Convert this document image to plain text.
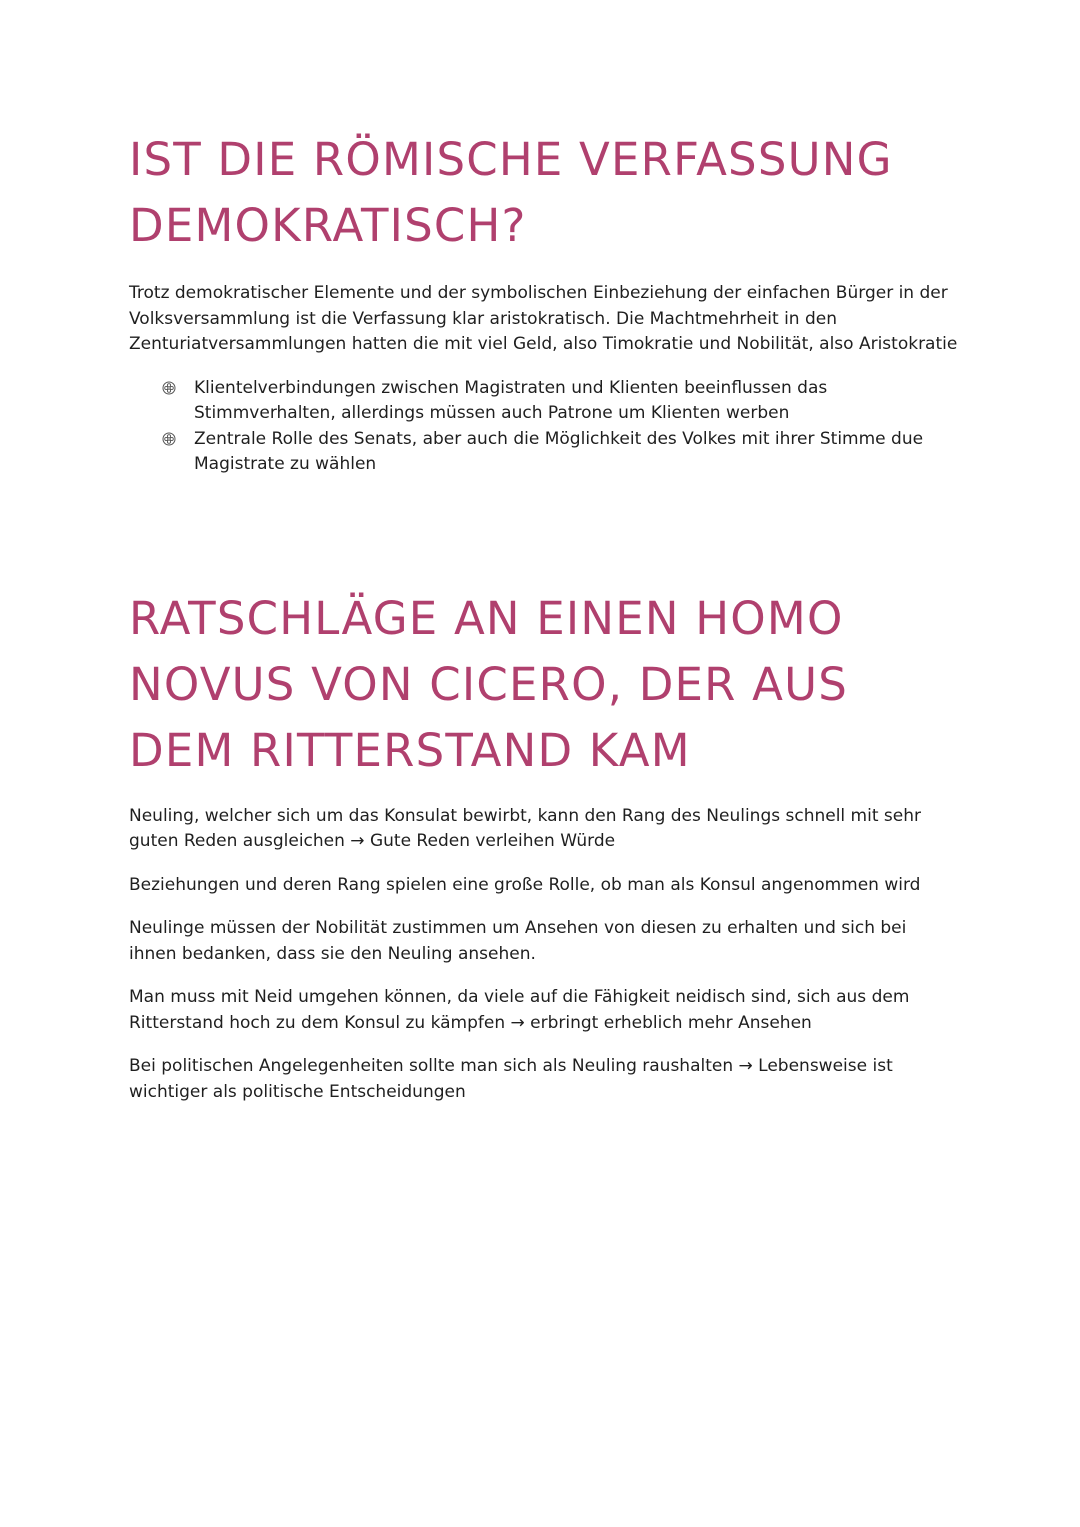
IST DIE RÖMISCHE VERFASSUNG DEMOKRATISCH?

Trotz demokratischer Elemente und der symbolischen Einbeziehung der einfachen Bürger in der Volksversammlung ist die Verfassung klar aristokratisch. Die Machtmehrheit in den Zenturiatversammlungen hatten die mit viel Geld, also Timokratie und Nobilität, also Aristokratie

Klientelverbindungen zwischen Magistraten und Klienten beeinflussen das Stimmverhalten, allerdings müssen auch Patrone um Klienten werben
Zentrale Rolle des Senats, aber auch die Möglichkeit des Volkes mit ihrer Stimme due Magistrate zu wählen
RATSCHLÄGE AN EINEN HOMO NOVUS VON CICERO, DER AUS DEM RITTERSTAND KAM

Neuling, welcher sich um das Konsulat bewirbt, kann den Rang des Neulings schnell mit sehr guten Reden ausgleichen → Gute Reden verleihen Würde

Beziehungen und deren Rang spielen eine große Rolle, ob man als Konsul angenommen wird

Neulinge müssen der Nobilität zustimmen um Ansehen von diesen zu erhalten und sich bei ihnen bedanken, dass sie den Neuling ansehen.

Man muss mit Neid umgehen können, da viele auf die Fähigkeit neidisch sind, sich aus dem Ritterstand hoch zu dem Konsul zu kämpfen → erbringt erheblich mehr Ansehen

Bei politischen Angelegenheiten sollte man sich als Neuling raushalten → Lebensweise ist wichtiger als politische Entscheidungen
